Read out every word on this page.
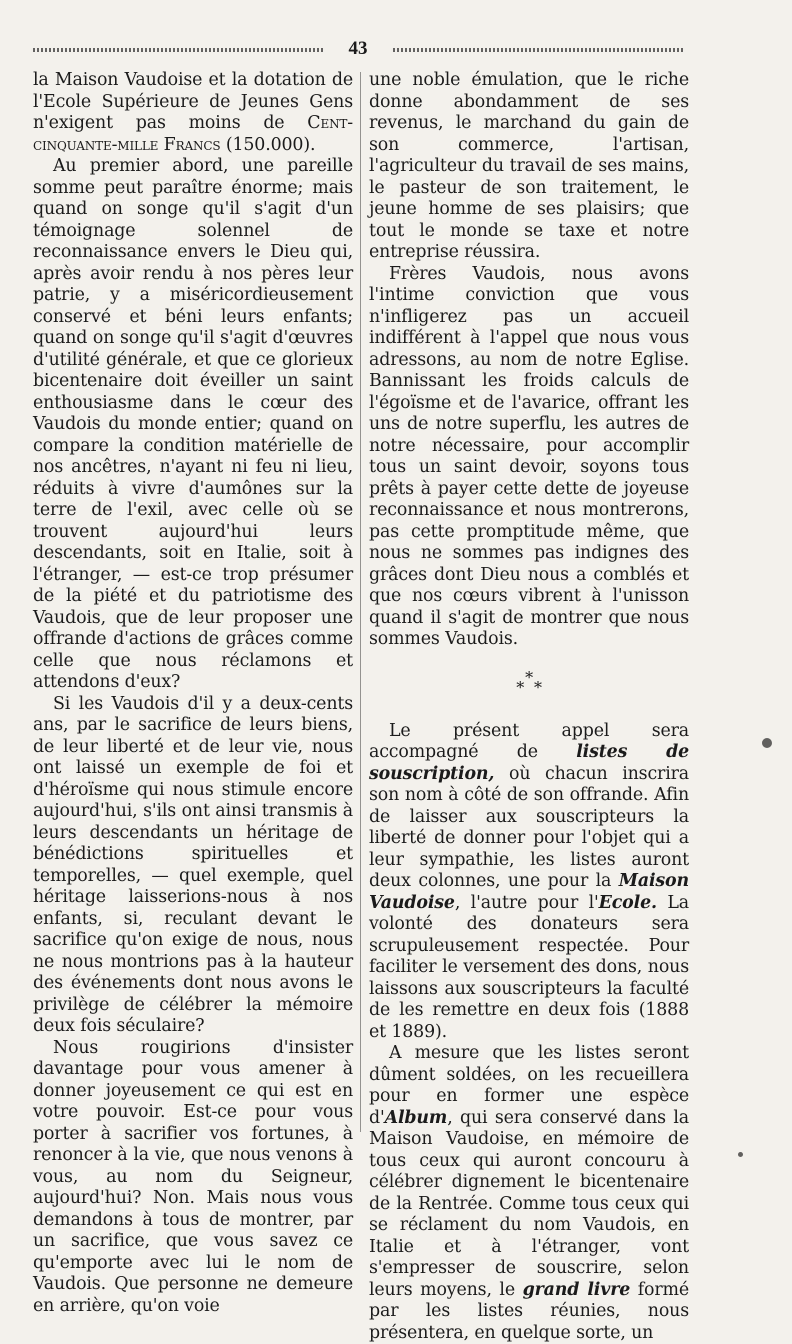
43

la Maison Vaudoise et la dotation de l'Ecole Supérieure de Jeunes Gens n'exigent pas moins de Cent-cinquante-mille Francs (150.000).

Au premier abord, une pareille somme peut paraître énorme; mais quand on songe qu'il s'agit d'un témoignage solennel de reconnaissance envers le Dieu qui, après avoir rendu à nos pères leur patrie, y a miséricordieusement conservé et béni leurs enfants; quand on songe qu'il s'agit d'œuvres d'utilité générale, et que ce glorieux bicentenaire doit éveiller un saint enthousiasme dans le cœur des Vaudois du monde entier; quand on compare la condition matérielle de nos ancêtres, n'ayant ni feu ni lieu, réduits à vivre d'aumônes sur la terre de l'exil, avec celle où se trouvent aujourd'hui leurs descendants, soit en Italie, soit à l'étranger, — est-ce trop présumer de la piété et du patriotisme des Vaudois, que de leur proposer une offrande d'actions de grâces comme celle que nous réclamons et attendons d'eux?

Si les Vaudois d'il y a deux-cents ans, par le sacrifice de leurs biens, de leur liberté et de leur vie, nous ont laissé un exemple de foi et d'héroïsme qui nous stimule encore aujourd'hui, s'ils ont ainsi transmis à leurs descendants un héritage de bénédictions spirituelles et temporelles, — quel exemple, quel héritage laisserions-nous à nos enfants, si, reculant devant le sacrifice qu'on exige de nous, nous ne nous montrions pas à la hauteur des événements dont nous avons le privilège de célébrer la mémoire deux fois séculaire?

Nous rougirions d'insister davantage pour vous amener à donner joyeusement ce qui est en votre pouvoir. Est-ce pour vous porter à sacrifier vos fortunes, à renoncer à la vie, que nous venons à vous, au nom du Seigneur, aujourd'hui? Non. Mais nous vous demandons à tous de montrer, par un sacrifice, que vous savez ce qu'emporte avec lui le nom de Vaudois. Que personne ne demeure en arrière, qu'on voie

une noble émulation, que le riche donne abondamment de ses revenus, le marchand du gain de son commerce, l'artisan, l'agriculteur du travail de ses mains, le pasteur de son traitement, le jeune homme de ses plaisirs; que tout le monde se taxe et notre entreprise réussira.

Frères Vaudois, nous avons l'intime conviction que vous n'infligerez pas un accueil indifférent à l'appel que nous vous adressons, au nom de notre Eglise. Bannissant les froids calculs de l'égoïsme et de l'avarice, offrant les uns de notre superflu, les autres de notre nécessaire, pour accomplir tous un saint devoir, soyons tous prêts à payer cette dette de joyeuse reconnaissance et nous montrerons, pas cette promptitude même, que nous ne sommes pas indignes des grâces dont Dieu nous a comblés et que nos cœurs vibrent à l'unisson quand il s'agit de montrer que nous sommes Vaudois.

*
* *

Le présent appel sera accompagné de listes de souscription, où chacun inscrira son nom à côté de son offrande. Afin de laisser aux souscripteurs la liberté de donner pour l'objet qui a leur sympathie, les listes auront deux colonnes, une pour la Maison Vaudoise, l'autre pour l'Ecole. La volonté des donateurs sera scrupuleusement respectée. Pour faciliter le versement des dons, nous laissons aux souscripteurs la faculté de les remettre en deux fois (1888 et 1889).

A mesure que les listes seront dûment soldées, on les recueillera pour en former une espèce d'Album, qui sera conservé dans la Maison Vaudoise, en mémoire de tous ceux qui auront concouru à célébrer dignement le bicentenaire de la Rentrée. Comme tous ceux qui se réclament du nom Vaudois, en Italie et à l'étranger, vont s'empresser de souscrire, selon leurs moyens, le grand livre formé par les listes réunies, nous présentera, en quelque sorte, un
